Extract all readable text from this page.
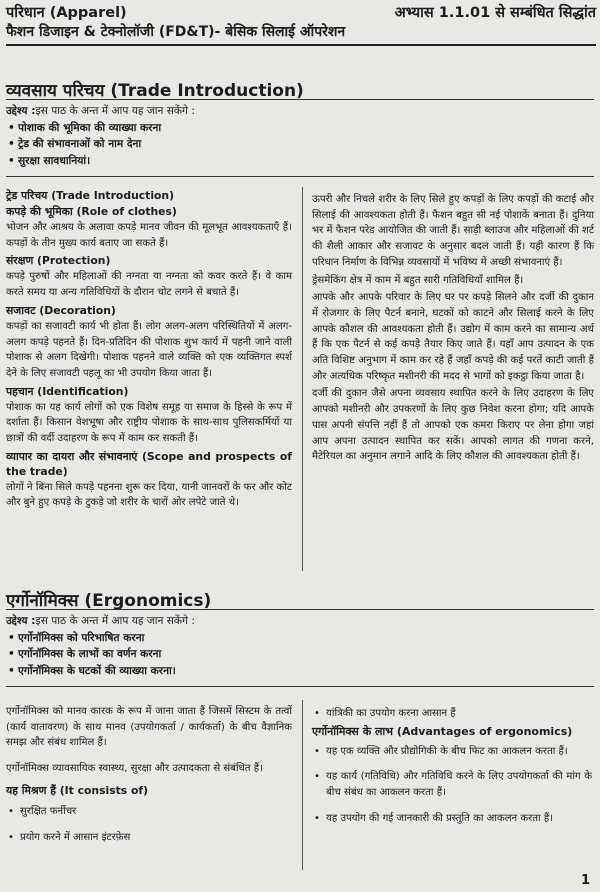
परिधान (Apparel)	अभ्यास 1.1.01 से सम्बंधित सिद्धांत
फैशन डिजाइन & टेक्नोलॉजी (FD&T)- बेसिक सिलाई ऑपरेशन
व्यवसाय परिचय (Trade Introduction)
उद्देश्य :इस पाठ के अन्त में आप यह जान सकेंगे :
• पोशाक की भूमिका की व्याख्या करना
• ट्रेड की संभावनाओं को नाम देना
• सुरक्षा सावधानियां।
ट्रेड परिचय (Trade Introduction)
कपड़े की भूमिका (Role of clothes)

भोजन और आश्रय के अलावा कपड़े मानव जीवन की मूलभूत आवश्यकताएँ हैं। कपड़ों के तीन मुख्य कार्य बताए जा सकते हैं।

संरक्षण (Protection)

कपड़े पुरुषों और महिलाओं की नग्नता या नग्नता को कवर करते हैं। वे काम करते समय या अन्य गतिविधियों के दौरान चोट लगने से बचाते हैं।

सजावट (Decoration)

कपड़ों का सजावटी कार्य भी होता हैं। लोग अलग-अलग परिस्थितियों में अलग-अलग कपड़े पहनते हैं। दिन-प्रतिदिन की पोशाक शुभ कार्य में पहनी जाने वाली पोशाक से अलग दिखेगी। पोशाक पहनने वाले व्यक्ति को एक व्यक्तिगत स्पर्श देने के लिए सजावटी पहलू का भी उपयोग किया जाता हैं।

पहचान (Identification)

पोशाक का यह कार्य लोगों को एक विशेष समूह या समाज के हिस्से के रूप में दर्शाता हैं। किसान वेशभूषा और राष्ट्रीय पोशाक के साथ-साथ पुलिसकर्मियों या छात्रों की वर्दी उदाहरण के रूप में काम कर सकती हैं।

व्यापार का दायरा और संभावनाएं (Scope and prospects of the trade)

लोगों ने बिना सिले कपड़े पहनना शुरू कर दिया, यानी जानवरों के फर और कोट और बुने हुए कपड़े के टुकड़े जो शरीर के चारों ओर लपेटे जाते थे।

ऊपरी और निचले शरीर के लिए सिले हुए कपड़ों के लिए कपड़ों की कटाई और सिलाई की आवश्यकता होती हैं। फैशन बहुत सी नई पोशाकें बनाता हैं। दुनिया भर में फैशन परेड आयोजित की जाती हैं। साड़ी ब्लाउज और महिलाओं की शर्ट की शैली आकार और सजावट के अनुसार बदल जाती हैं। यही कारण हैं कि परिधान निर्माण के विभिन्न व्यवसायों में भविष्य में अच्छी संभावनाएं हैं।

ड्रेसमेकिंग क्षेत्र में काम में बहुत सारी गतिविधियाँ शामिल हैं।

आपके और आपके परिवार के लिए घर पर कपड़े सिलने और दर्जी की दुकान में रोजगार के लिए पैटर्न बनाने, घटकों को काटने और सिलाई करने के लिए आपके कौशल की आवश्यकता होती हैं। उद्योग में काम करने का सामान्य अर्थ हैं कि एक पैटर्न से कई कपड़े तैयार किए जाते हैं। यहाँ आप उत्पादन के एक अति विशिष्ट अनुभाग में काम कर रहे हैं जहाँ कपड़े की कई परतें काटी जाती हैं और अत्यधिक परिष्कृत मशीनरी की मदद से भागों को इकट्ठा किया जाता है।

दर्जी की दुकान जैसे अपना व्यवसाय स्थापित करने के लिए उदाहरण के लिए आपको मशीनरी और उपकरणों के लिए कुछ निवेश करना होगा; यदि आपके पास अपनी संपत्ति नहीं हैं तो आपको एक कमरा किराए पर लेना होगा जहां आप अपना उत्पादन स्थापित कर सकें। आपको लागत की गणना करने, मैटेरियल का अनुमान लगाने आदि के लिए कौशल की आवश्यकता होती हैं।

एर्गोनॉमिक्स (Ergonomics)
उद्देश्य :इस पाठ के अन्त में आप यह जान सकेंगे :
• एर्गोनॉमिक्स को परिभाषित करना
• एर्गोनॉमिक्स के लाभों का वर्णन करना
• एर्गोनॉमिक्स के घटकों की व्याख्या करना।

एर्गोनॉमिक्स को मानव कारक के रूप में जाना जाता हैं जिसमें सिस्टम के तत्वों (कार्य वातावरण) के साथ मानव (उपयोगकर्ता / कार्यकर्ता) के बीच वैज्ञानिक समझ और संबंध शामिल हैं।

एर्गोनॉमिक्स व्यावसायिक स्वास्थ्य, सुरक्षा और उत्पादकता से संबंधित हैं।

यह मिश्रण हैं (It consists of)
• सुरक्षित फर्नीचर
• प्रयोग करने में आसान इंटरफ़ेस
• यांत्रिकी का उपयोग करना आसान हैं
एर्गोनॉमिक्स के लाभ (Advantages of ergonomics)
• यह एक व्यक्ति और प्रौद्योगिकी के बीच फिट का आकलन करता हैं।
• यह कार्य (गतिविधि) और गतिविधि करने के लिए उपयोगकर्ता की मांग के बीच संबंध का आकलन करता हैं।
• यह उपयोग की गई जानकारी की प्रस्तुति का आकलन करता हैं।
1
